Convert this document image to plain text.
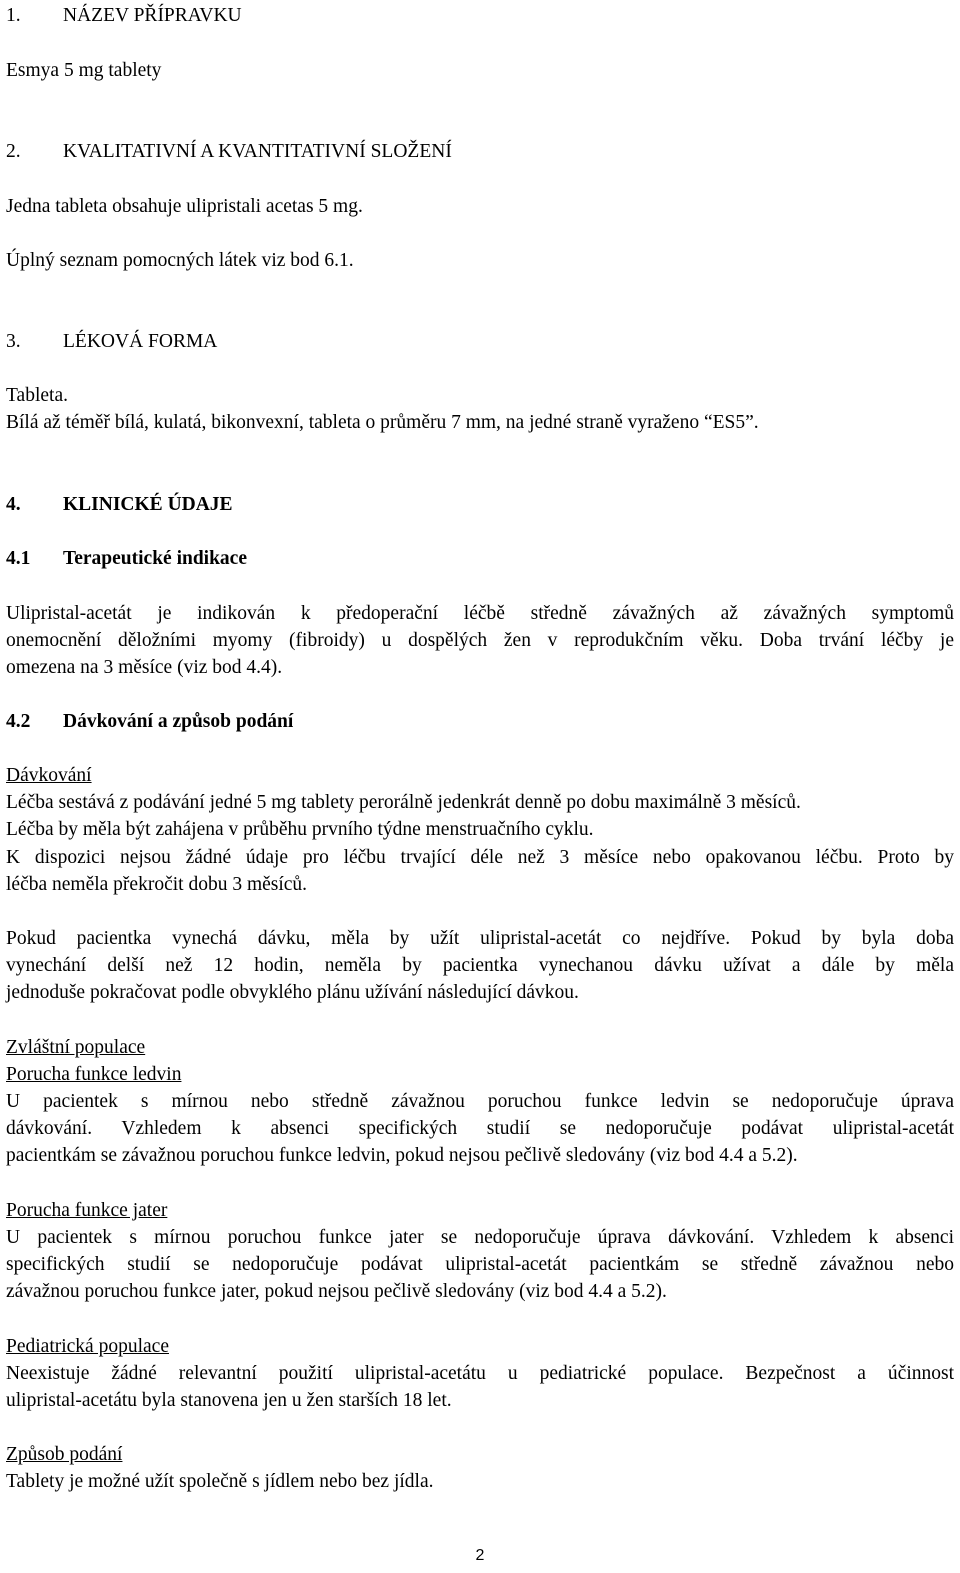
1. NÁZEV PŘÍPRAVKU
Esmya 5 mg tablety
2. KVALITATIVNÍ A KVANTITATIVNÍ SLOŽENÍ
Jedna tableta obsahuje ulipristali acetas 5 mg.
Úplný seznam pomocných látek viz bod 6.1.
3. LÉKOVÁ FORMA
Tableta.
Bílá až téměř bílá, kulatá, bikonvexní, tableta o průměru 7 mm, na jedné straně vyraženo “ES5”.
4. KLINICKÉ ÚDAJE
4.1 Terapeutické indikace
Ulipristal-acetát je indikován k předoperační léčbě středně závažných až závažných symptomů
onemocnění děložními myomy (fibroidy) u dospělých žen v reprodukčním věku. Doba trvání léčby je
omezena na 3 měsíce (viz bod 4.4).
4.2 Dávkování a způsob podání
Dávkování
Léčba sestává z podávání jedné 5 mg tablety perorálně jedenkrát denně po dobu maximálně 3 měsíců.
Léčba by měla být zahájena v průběhu prvního týdne menstruačního cyklu.
K dispozici nejsou žádné údaje pro léčbu trvající déle než 3 měsíce nebo opakovanou léčbu. Proto by
léčba neměla překročit dobu 3 měsíců.
Pokud pacientka vynechá dávku, měla by užít ulipristal-acetát co nejdříve. Pokud by byla doba
vynechání delší než 12 hodin, neměla by pacientka vynechanou dávku užívat a dále by měla
jednoduše pokračovat podle obvyklého plánu užívání následující dávkou.
Zvláštní populace
Porucha funkce ledvin
U pacientek s mírnou nebo středně závažnou poruchou funkce ledvin se nedoporučuje úprava
dávkování. Vzhledem k absenci specifických studií se nedoporučuje podávat ulipristal-acetát
pacientkám se závažnou poruchou funkce ledvin, pokud nejsou pečlivě sledovány (viz bod 4.4 a 5.2).
Porucha funkce jater
U pacientek s mírnou poruchou funkce jater se nedoporučuje úprava dávkování. Vzhledem k absenci
specifických studií se nedoporučuje podávat ulipristal-acetát pacientkám se středně závažnou nebo
závažnou poruchou funkce jater, pokud nejsou pečlivě sledovány (viz bod 4.4 a 5.2).
Pediatrická populace
Neexistuje žádné relevantní použití ulipristal-acetátu u pediatrické populace. Bezpečnost a účinnost
ulipristal-acetátu byla stanovena jen u žen starších 18 let.
Způsob podání
Tablety je možné užít společně s jídlem nebo bez jídla.
2
